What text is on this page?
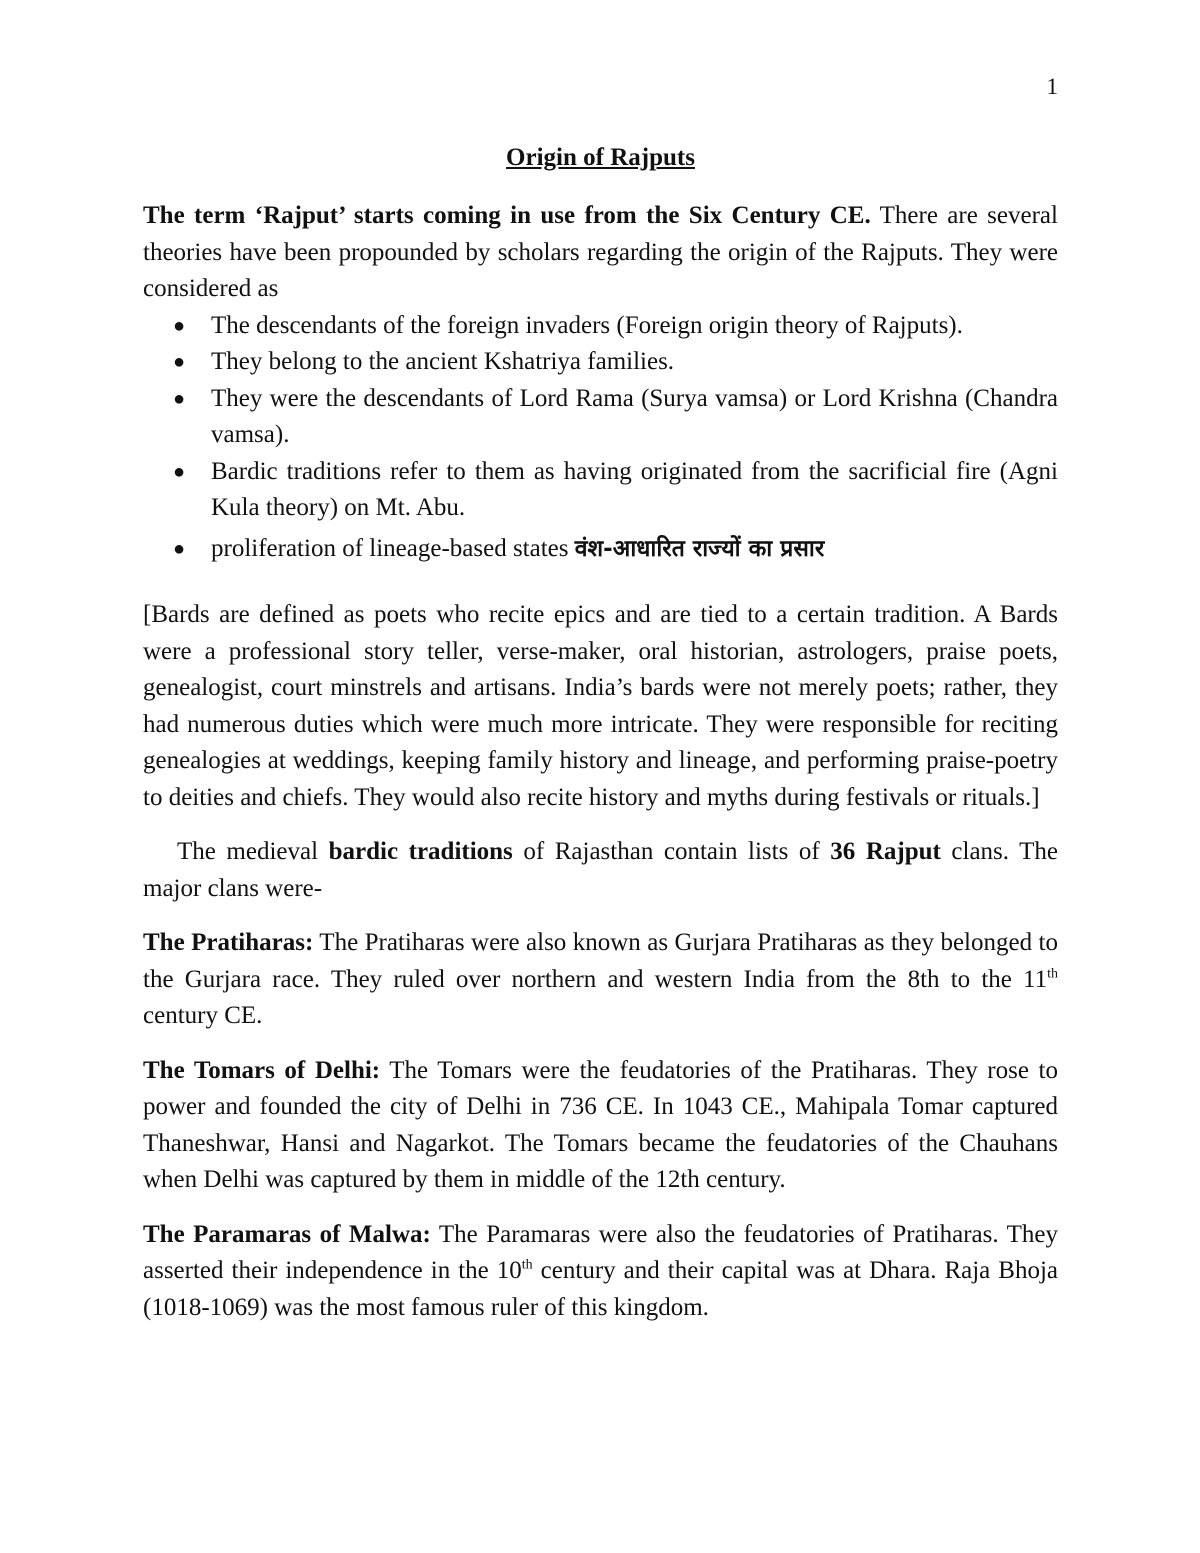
1
Origin of Rajputs

The term ‘Rajput’ starts coming in use from the Six Century CE. There are several theories have been propounded by scholars regarding the origin of the Rajputs. They were considered as

● The descendants of the foreign invaders (Foreign origin theory of Rajputs).
● They belong to the ancient Kshatriya families.
● They were the descendants of Lord Rama (Surya vamsa) or Lord Krishna (Chandra vamsa).
● Bardic traditions refer to them as having originated from the sacrificial fire (Agni Kula theory) on Mt. Abu.
● proliferation of lineage-based states वंश-आधारित राज्यों का प्रसार

[Bards are defined as poets who recite epics and are tied to a certain tradition. A Bards were a professional story teller, verse-maker, oral historian, astrologers, praise poets, genealogist, court minstrels and artisans. India’s bards were not merely poets; rather, they had numerous duties which were much more intricate. They were responsible for reciting genealogies at weddings, keeping family history and lineage, and performing praise-poetry to deities and chiefs. They would also recite history and myths during festivals or rituals.]

The medieval bardic traditions of Rajasthan contain lists of 36 Rajput clans. The major clans were-

The Pratiharas: The Pratiharas were also known as Gurjara Pratiharas as they belonged to the Gurjara race. They ruled over northern and western India from the 8th to the 11th century CE.

The Tomars of Delhi: The Tomars were the feudatories of the Pratiharas. They rose to power and founded the city of Delhi in 736 CE. In 1043 CE., Mahipala Tomar captured Thaneshwar, Hansi and Nagarkot. The Tomars became the feudatories of the Chauhans when Delhi was captured by them in middle of the 12th century.

The Paramaras of Malwa: The Paramaras were also the feudatories of Pratiharas. They asserted their independence in the 10th century and their capital was at Dhara. Raja Bhoja (1018-1069) was the most famous ruler of this kingdom.
